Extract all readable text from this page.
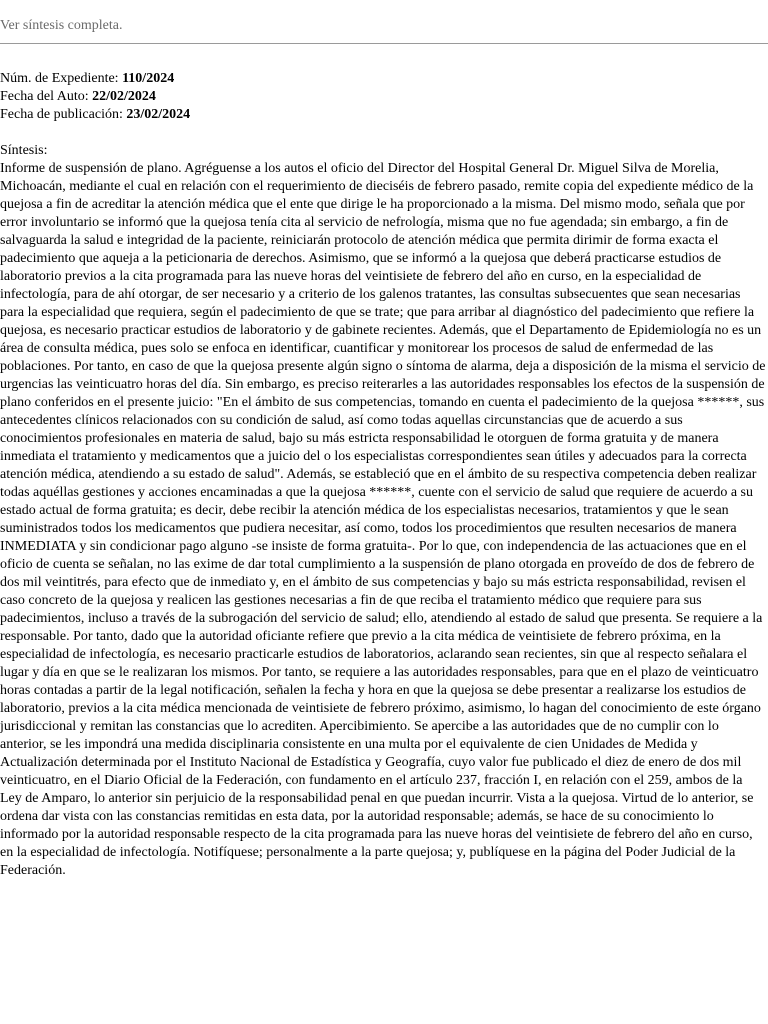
Ver síntesis completa.
Núm. de Expediente: 110/2024
Fecha del Auto: 22/02/2024
Fecha de publicación: 23/02/2024
Síntesis:

Informe de suspensión de plano. Agréguense a los autos el oficio del Director del Hospital General Dr. Miguel Silva de Morelia, Michoacán, mediante el cual en relación con el requerimiento de dieciséis de febrero pasado, remite copia del expediente médico de la quejosa a fin de acreditar la atención médica que el ente que dirige le ha proporcionado a la misma. Del mismo modo, señala que por error involuntario se informó que la quejosa tenía cita al servicio de nefrología, misma que no fue agendada; sin embargo, a fin de salvaguarda la salud e integridad de la paciente, reiniciarán protocolo de atención médica que permita dirimir de forma exacta el padecimiento que aqueja a la peticionaria de derechos. Asimismo, que se informó a la quejosa que deberá practicarse estudios de laboratorio previos a la cita programada para las nueve horas del veintisiete de febrero del año en curso, en la especialidad de infectología, para de ahí otorgar, de ser necesario y a criterio de los galenos tratantes, las consultas subsecuentes que sean necesarias para la especialidad que requiera, según el padecimiento de que se trate; que para arribar al diagnóstico del padecimiento que refiere la quejosa, es necesario practicar estudios de laboratorio y de gabinete recientes. Además, que el Departamento de Epidemiología no es un área de consulta médica, pues solo se enfoca en identificar, cuantificar y monitorear los procesos de salud de enfermedad de las poblaciones. Por tanto, en caso de que la quejosa presente algún signo o síntoma de alarma, deja a disposición de la misma el servicio de urgencias las veinticuatro horas del día. Sin embargo, es preciso reiterarles a las autoridades responsables los efectos de la suspensión de plano conferidos en el presente juicio: "En el ámbito de sus competencias, tomando en cuenta el padecimiento de la quejosa ******, sus antecedentes clínicos relacionados con su condición de salud, así como todas aquellas circunstancias que de acuerdo a sus conocimientos profesionales en materia de salud, bajo su más estricta responsabilidad le otorguen de forma gratuita y de manera inmediata el tratamiento y medicamentos que a juicio del o los especialistas correspondientes sean útiles y adecuados para la correcta atención médica, atendiendo a su estado de salud". Además, se estableció que en el ámbito de su respectiva competencia deben realizar todas aquéllas gestiones y acciones encaminadas a que la quejosa ******, cuente con el servicio de salud que requiere de acuerdo a su estado actual de forma gratuita; es decir, debe recibir la atención médica de los especialistas necesarios, tratamientos y que le sean suministrados todos los medicamentos que pudiera necesitar, así como, todos los procedimientos que resulten necesarios de manera INMEDIATA y sin condicionar pago alguno -se insiste de forma gratuita-. Por lo que, con independencia de las actuaciones que en el oficio de cuenta se señalan, no las exime de dar total cumplimiento a la suspensión de plano otorgada en proveído de dos de febrero de dos mil veintitrés, para efecto que de inmediato y, en el ámbito de sus competencias y bajo su más estricta responsabilidad, revisen el caso concreto de la quejosa y realicen las gestiones necesarias a fin de que reciba el tratamiento médico que requiere para sus padecimientos, incluso a través de la subrogación del servicio de salud; ello, atendiendo al estado de salud que presenta. Se requiere a la responsable. Por tanto, dado que la autoridad oficiante refiere que previo a la cita médica de veintisiete de febrero próxima, en la especialidad de infectología, es necesario practicarle estudios de laboratorios, aclarando sean recientes, sin que al respecto señalara el lugar y día en que se le realizaran los mismos. Por tanto, se requiere a las autoridades responsables, para que en el plazo de veinticuatro horas contadas a partir de la legal notificación, señalen la fecha y hora en que la quejosa se debe presentar a realizarse los estudios de laboratorio, previos a la cita médica mencionada de veintisiete de febrero próximo, asimismo, lo hagan del conocimiento de este órgano jurisdiccional y remitan las constancias que lo acrediten. Apercibimiento. Se apercibe a las autoridades que de no cumplir con lo anterior, se les impondrá una medida disciplinaria consistente en una multa por el equivalente de cien Unidades de Medida y Actualización determinada por el Instituto Nacional de Estadística y Geografía, cuyo valor fue publicado el diez de enero de dos mil veinticuatro, en el Diario Oficial de la Federación, con fundamento en el artículo 237, fracción I, en relación con el 259, ambos de la Ley de Amparo, lo anterior sin perjuicio de la responsabilidad penal en que puedan incurrir. Vista a la quejosa. Virtud de lo anterior, se ordena dar vista con las constancias remitidas en esta data, por la autoridad responsable; además, se hace de su conocimiento lo informado por la autoridad responsable respecto de la cita programada para las nueve horas del veintisiete de febrero del año en curso, en la especialidad de infectología. Notifíquese; personalmente a la parte quejosa; y, publíquese en la página del Poder Judicial de la Federación.
